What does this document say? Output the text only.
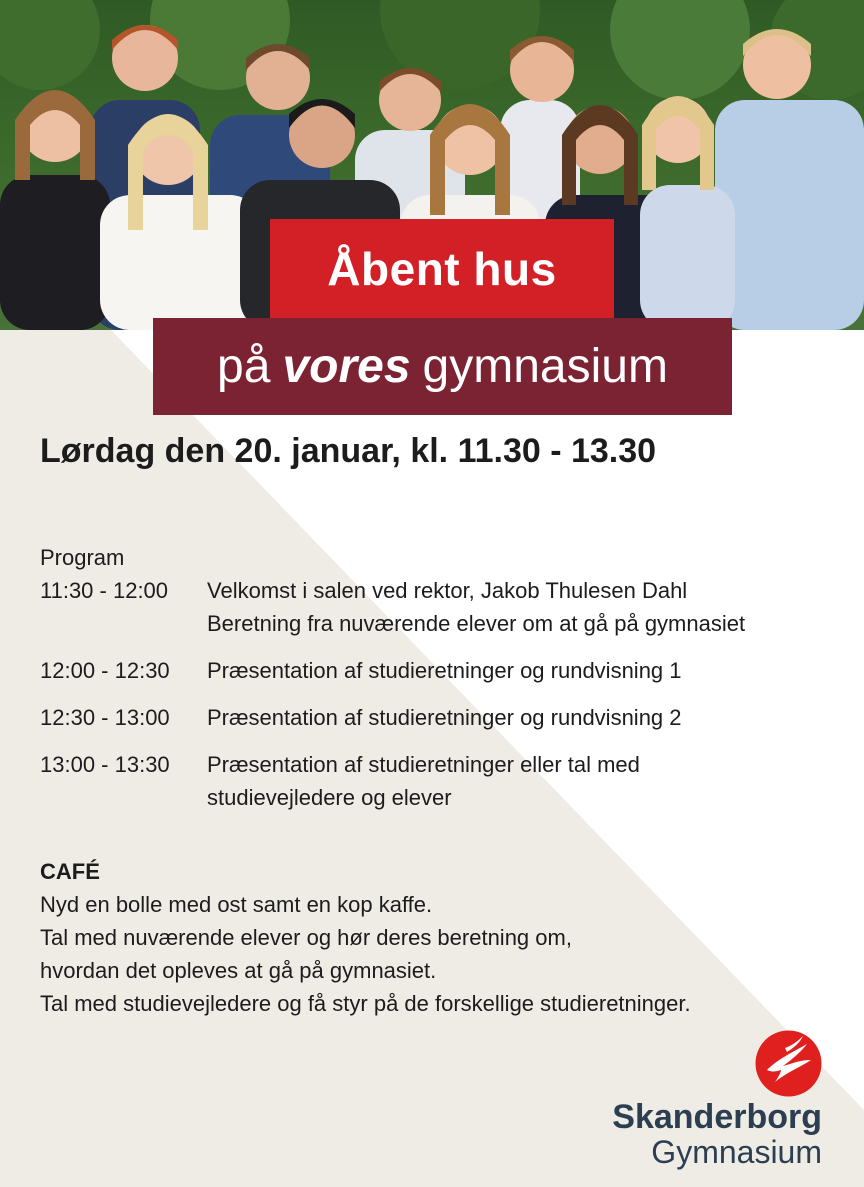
Åbent hus
på vores gymnasium
Lørdag den 20. januar, kl. 11.30 - 13.30
Program
11:30 - 12:00	Velkomst i salen ved rektor, Jakob Thulesen Dahl
Beretning fra nuværende elever om at gå på gymnasiet
12:00 - 12:30	Præsentation af studieretninger og rundvisning 1
12:30 - 13:00	Præsentation af studieretninger og rundvisning 2
13:00 - 13:30	Præsentation af studieretninger eller tal med
studievejledere og elever
CAFÉ
Nyd en bolle med ost samt en kop kaffe.
Tal med nuværende elever og hør deres beretning om,
hvordan det opleves at gå på gymnasiet.
Tal med studievejledere og få styr på de forskellige studieretninger.
Skanderborg
Gymnasium
